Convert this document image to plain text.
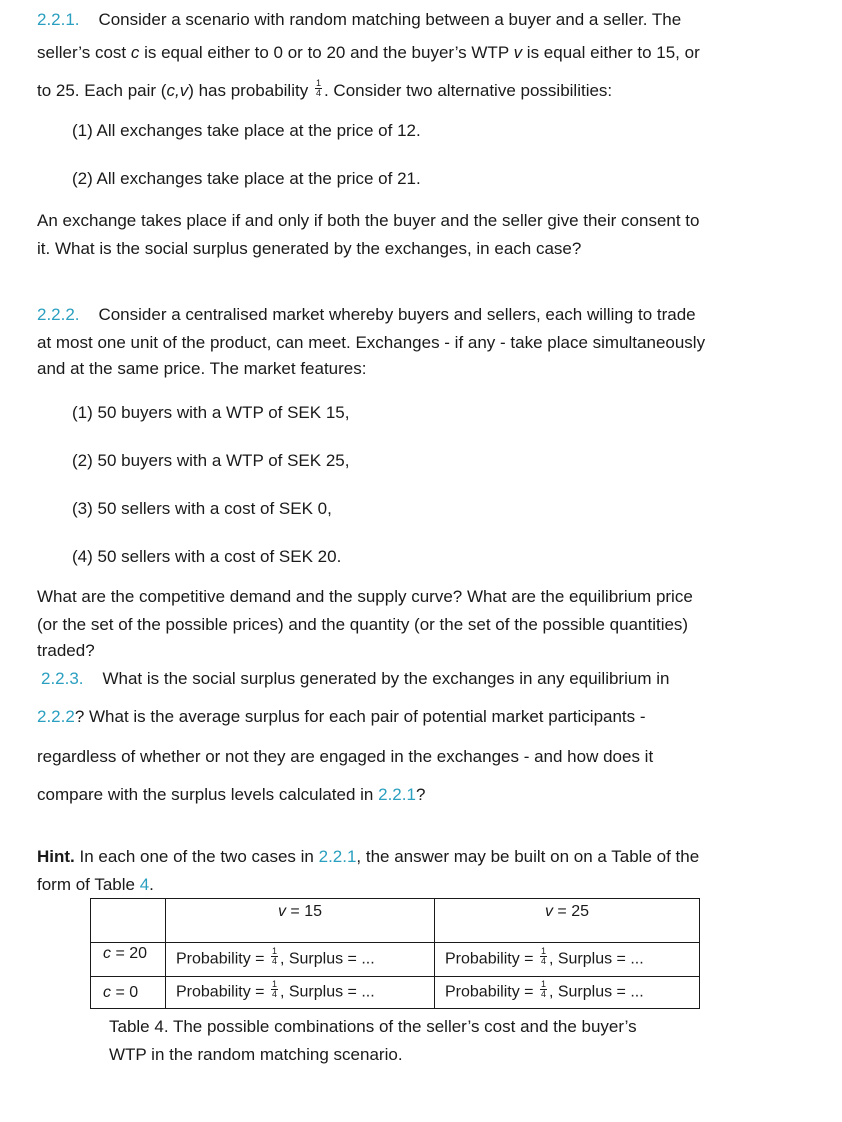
2.2.1. Consider a scenario with random matching between a buyer and a seller. The
seller’s cost c is equal either to 0 or to 20 and the buyer’s WTP v is equal either to 15, or
to 25. Each pair (c,v) has probability $\frac{1}{4}$ . Consider two alternative possibilities:
(1) All exchanges take place at the price of 12.
(2) All exchanges take place at the price of 21.
An exchange takes place if and only if both the buyer and the seller give their consent to
it. What is the social surplus generated by the exchanges, in each case?
2.2.2. Consider a centralised market whereby buyers and sellers, each willing to trade
at most one unit of the product, can meet. Exchanges - if any - take place simultaneously
and at the same price. The market features:
(1) 50 buyers with a WTP of SEK 15,
(2) 50 buyers with a WTP of SEK 25,
(3) 50 sellers with a cost of SEK 0,
(4) 50 sellers with a cost of SEK 20.
What are the competitive demand and the supply curve? What are the equilibrium price
(or the set of the possible prices) and the quantity (or the set of the possible quantities)
traded?
2.2.3. What is the social surplus generated by the exchanges in any equilibrium in
2.2.2? What is the average surplus for each pair of potential market participants -
regardless of whether or not they are engaged in the exchanges - and how does it
compare with the surplus levels calculated in 2.2.1?
Hint. In each one of the two cases in 2.2.1, the answer may be built on on a Table of the
form of Table 4.
	v = 15	v = 25
c = 20	Probability = $\frac{1}{4}$ , Surplus = ...	Probability = $\frac{1}{4}$ , Surplus = ...
c = 0	Probability = $\frac{1}{4}$ , Surplus = ...	Probability = $\frac{1}{4}$ , Surplus = ...
Table 4. The possible combinations of the seller’s cost and the buyer’s
WTP in the random matching scenario.
